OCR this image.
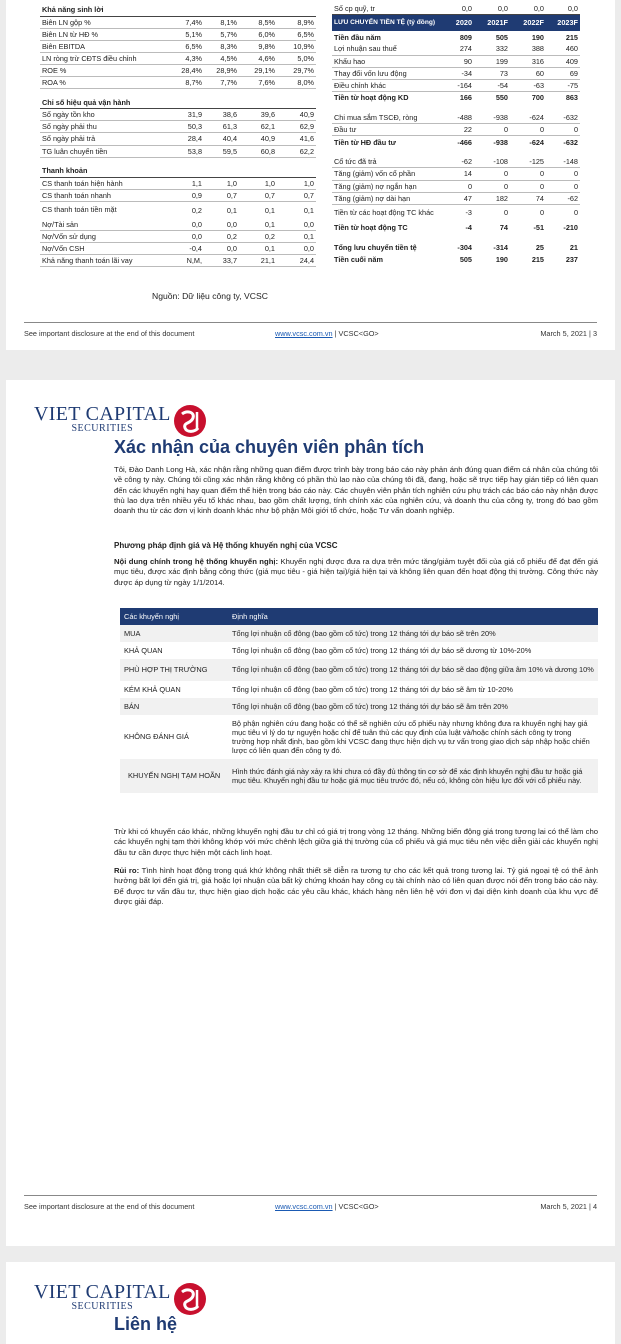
Khả năng sinh lời				
Biên LN gộp %	7,4%	8,1%	8,5%	8,9%
Biên LN từ HĐ %	5,1%	5,7%	6,0%	6,5%
Biên EBITDA	6,5%	8,3%	9,8%	10,9%
LN ròng trừ CĐTS điều chỉnh	4,3%	4,5%	4,6%	5,0%
ROE %	28,4%	28,9%	29,1%	29,7%
ROA %	8,7%	7,7%	7,6%	8,0%

Chỉ số hiệu quả vận hành				
Số ngày tồn kho	31,9	38,6	39,6	40,9
Số ngày phải thu	50,3	61,3	62,1	62,9
Số ngày phải trả	28,4	40,4	40,9	41,6
TG luân chuyển tiền	53,8	59,5	60,8	62,2

Thanh khoản				
CS thanh toán hiện hành	1,1	1,0	1,0	1,0
CS thanh toán nhanh	0,9	0,7	0,7	0,7
CS thanh toán tiền mặt	0,2	0,1	0,1	0,1
Nợ/Tài sản	0,0	0,0	0,1	0,0
Nợ/Vốn sử dụng	0,0	0,2	0,2	0,1
Nợ/Vốn CSH	-0,4	0,0	0,1	0,0
Khả năng thanh toán lãi vay	N,M,	33,7	21,1	24,4
Số cp quỹ, tr	0,0	0,0	0,0	0,0
LƯU CHUYỂN TIỀN TỆ (tỷ đồng)	2020	2021F	2022F	2023F
Tiền đầu năm	809	505	190	215
Lợi nhuận sau thuế	274	332	388	460
Khấu hao	90	199	316	409
Thay đổi vốn lưu động	-34	73	60	69
Điều chỉnh khác	-164	-54	-63	-75
Tiền từ hoạt động KD	166	550	700	863

Chi mua sắm TSCĐ, ròng	-488	-938	-624	-632
Đầu tư	22	0	0	0
Tiền từ HĐ đầu tư	-466	-938	-624	-632

Cổ tức đã trả	-62	-108	-125	-148
Tăng (giảm) vốn cổ phần	14	0	0	0
Tăng (giảm) nợ ngắn hạn	0	0	0	0
Tăng (giảm) nợ dài hạn	47	182	74	-62
Tiền từ các hoạt động TC khác	-3	0	0	0
Tiền từ hoạt động TC	-4	74	-51	-210

Tổng lưu chuyển tiền tệ	-304	-314	25	21
Tiền cuối năm	505	190	215	237
Nguồn: Dữ liệu công ty, VCSC
See important disclosure at the end of this document	www.vcsc.com.vn | VCSC<GO>	March 5, 2021 | 3
VIET CAPITAL
SECURITIES
Xác nhận của chuyên viên phân tích
Tôi, Đào Danh Long Hà, xác nhận rằng những quan điểm được trình bày trong báo cáo này phản ánh đúng quan điểm cá nhân của chúng tôi về công ty này. Chúng tôi cũng xác nhận rằng không có phần thù lao nào của chúng tôi đã, đang, hoặc sẽ trực tiếp hay gián tiếp có liên quan đến các khuyến nghị hay quan điểm thể hiện trong báo cáo này. Các chuyên viên phân tích nghiên cứu phụ trách các báo cáo này nhận được thù lao dựa trên nhiều yếu tố khác nhau, bao gồm chất lượng, tính chính xác của nghiên cứu, và doanh thu của công ty, trong đó bao gồm doanh thu từ các đơn vị kinh doanh khác như bộ phận Môi giới tổ chức, hoặc Tư vấn doanh nghiệp.
Phương pháp định giá và Hệ thống khuyến nghị của VCSC
Nội dung chính trong hệ thống khuyến nghị: Khuyến nghị được đưa ra dựa trên mức tăng/giảm tuyệt đối của giá cổ phiếu để đạt đến giá mục tiêu, được xác định bằng công thức (giá mục tiêu - giá hiện tại)/giá hiện tại và không liên quan đến hoạt động thị trường. Công thức này được áp dụng từ ngày 1/1/2014.
Các khuyến nghị	Định nghĩa
MUA	Tổng lợi nhuận cổ đông (bao gồm cổ tức) trong 12 tháng tới dự báo sẽ trên 20%
KHẢ QUAN	Tổng lợi nhuận cổ đông (bao gồm cổ tức) trong 12 tháng tới dự báo sẽ dương từ 10%-20%
PHÙ HỢP THỊ TRƯỜNG	Tổng lợi nhuận cổ đông (bao gồm cổ tức) trong 12 tháng tới dự báo sẽ dao động giữa âm 10% và dương 10%
KÉM KHẢ QUAN	Tổng lợi nhuận cổ đông (bao gồm cổ tức) trong 12 tháng tới dự báo sẽ âm từ 10-20%
BÁN	Tổng lợi nhuận cổ đông (bao gồm cổ tức) trong 12 tháng tới dự báo sẽ âm trên 20%
KHÔNG ĐÁNH GIÁ	Bộ phận nghiên cứu đang hoặc có thể sẽ nghiên cứu cổ phiếu này nhưng không đưa ra khuyến nghị hay giá mục tiêu vì lý do tự nguyện hoặc chỉ để tuân thủ các quy định của luật và/hoặc chính sách công ty trong trường hợp nhất định, bao gồm khi VCSC đang thực hiện dịch vụ tư vấn trong giao dịch sáp nhập hoặc chiến lược có liên quan đến công ty đó.
KHUYẾN NGHỊ TẠM HOÃN	Hình thức đánh giá này xảy ra khi chưa có đầy đủ thông tin cơ sở để xác định khuyến nghị đầu tư hoặc giá mục tiêu. Khuyến nghị đầu tư hoặc giá mục tiêu trước đó, nếu có, không còn hiệu lực đối với cổ phiếu này.
Trừ khi có khuyến cáo khác, những khuyến nghị đầu tư chỉ có giá trị trong vòng 12 tháng. Những biến động giá trong tương lai có thể làm cho các khuyến nghị tạm thời không khớp với mức chênh lệch giữa giá thị trường của cổ phiếu và giá mục tiêu nên việc diễn giải các khuyến nghị đầu tư cần được thực hiện một cách linh hoạt.
Rủi ro: Tình hình hoạt động trong quá khứ không nhất thiết sẽ diễn ra tương tự cho các kết quả trong tương lai. Tỷ giá ngoại tệ có thể ảnh hưởng bất lợi đến giá trị, giá hoặc lợi nhuận của bất kỳ chứng khoán hay công cụ tài chính nào có liên quan được nói đến trong báo cáo này. Để được tư vấn đầu tư, thực hiện giao dịch hoặc các yêu cầu khác, khách hàng nên liên hệ với đơn vị đại diện kinh doanh của khu vực để được giải đáp.
See important disclosure at the end of this document	www.vcsc.com.vn | VCSC<GO>	March 5, 2021 | 4
VIET CAPITAL
SECURITIES
Liên hệ
